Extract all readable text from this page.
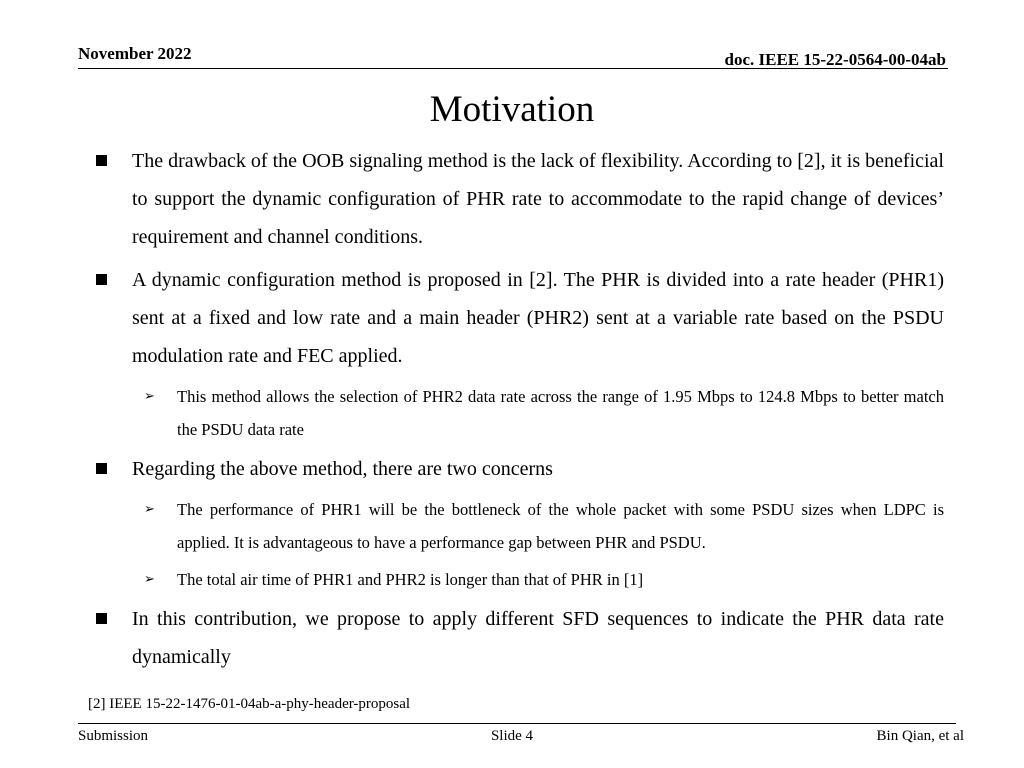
November 2022	doc. IEEE 15-22-0564-00-04ab
Motivation
The drawback of the OOB signaling method is the lack of flexibility. According to [2], it is beneficial to support the dynamic configuration of PHR rate to accommodate to the rapid change of devices’ requirement and channel conditions.
A dynamic configuration method is proposed in [2]. The PHR is divided into a rate header (PHR1) sent at a fixed and low rate and a main header (PHR2) sent at a variable rate based on the PSDU modulation rate and FEC applied.
➢ This method allows the selection of PHR2 data rate across the range of 1.95 Mbps to 124.8 Mbps to better match the PSDU data rate
Regarding the above method, there are two concerns
➢ The performance of PHR1 will be the bottleneck of the whole packet with some PSDU sizes when LDPC is applied. It is advantageous to have a performance gap between PHR and PSDU.
➢ The total air time of PHR1 and PHR2 is longer than that of PHR in [1]
In this contribution, we propose to apply different SFD sequences to indicate the PHR data rate dynamically
[2] IEEE 15-22-1476-01-04ab-a-phy-header-proposal
Submission	Slide 4	Bin Qian, et al
